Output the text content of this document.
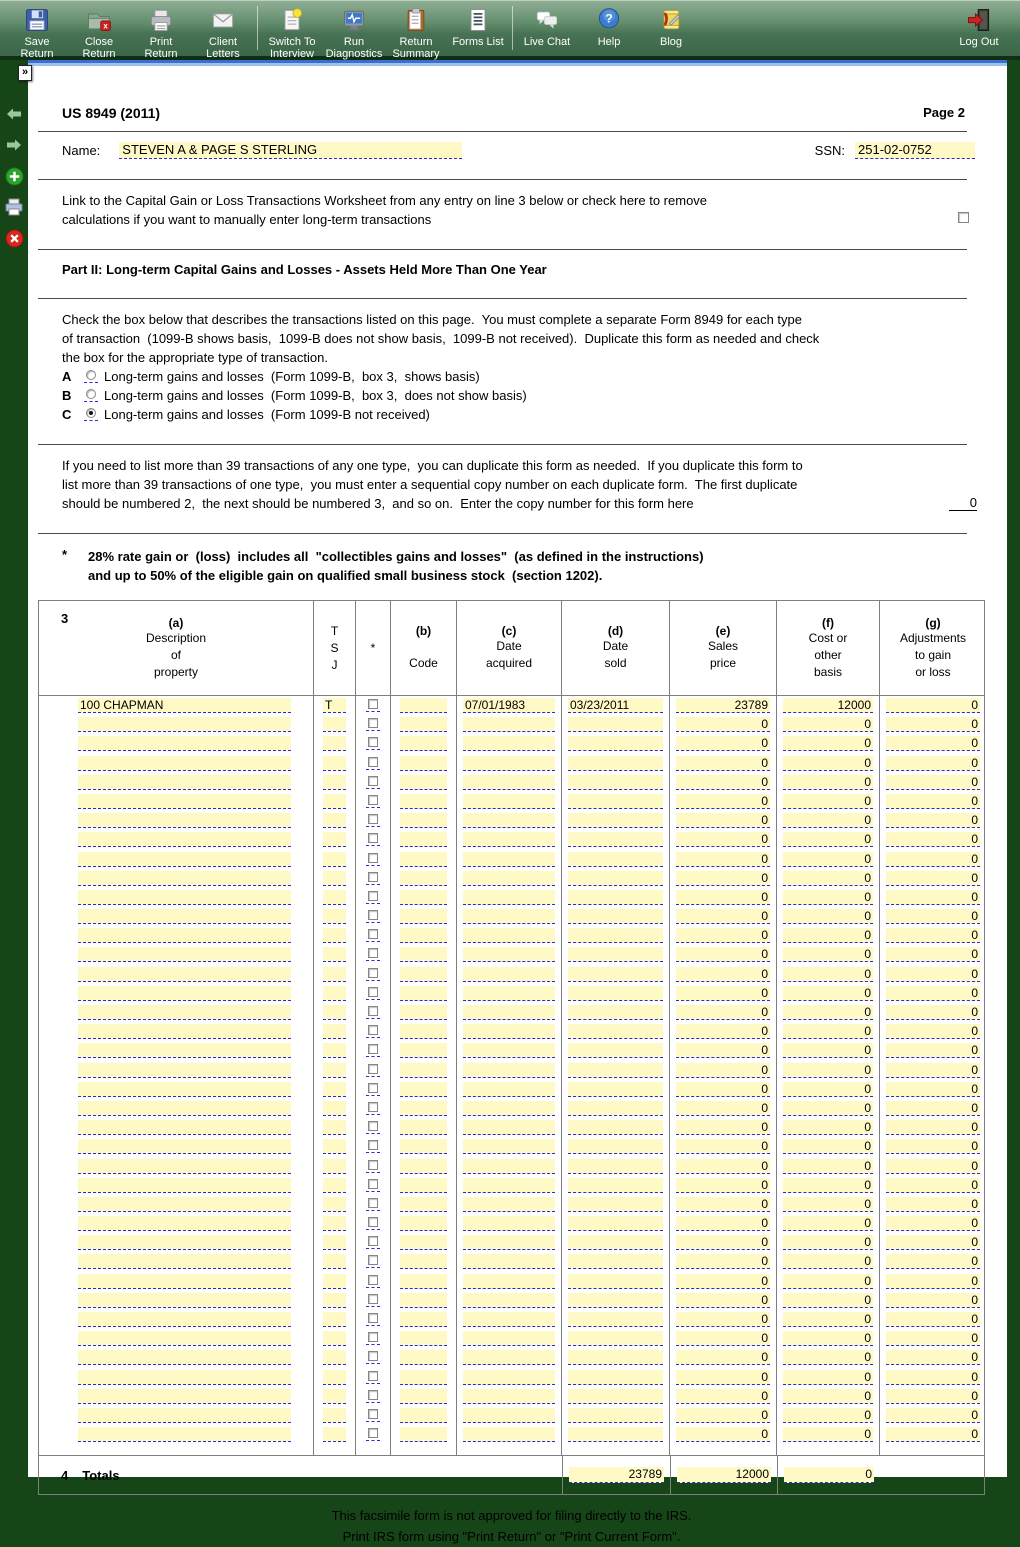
Save
Return
x
Close
Return
Print
Return
Client
Letters
Switch To
Interview
Run
Diagnostics
Return
Summary
Forms List Live Chat
?
Help	Blog	Log Out
»
US 8949 (2011)	Page 2
Name: STEVEN A & PAGE S STERLING	SSN: 251-02-0752
Link to the Capital Gain or Loss Transactions Worksheet from any entry on line 3 below or check here to remove
calculations if you want to manually enter long-term transactions
Part II: Long-term Capital Gains and Losses - Assets Held More Than One Year
Check the box below that describes the transactions listed on this page.  You must complete a separate Form 8949 for each type
of transaction  (1099-B shows basis,  1099-B does not show basis,  1099-B not received).  Duplicate this form as needed and check
the box for the appropriate type of transaction.
A	Long-term gains and losses  (Form 1099-B,  box 3,  shows basis)
B	Long-term gains and losses  (Form 1099-B,  box 3,  does not show basis)
C	Long-term gains and losses  (Form 1099-B not received)
If you need to list more than 39 transactions of any one type,  you can duplicate this form as needed.  If you duplicate this form to
list more than 39 transactions of one type,  you must enter a sequential copy number on each duplicate form.  The first duplicate
should be numbered 2,  the next should be numbered 3,  and so on.  Enter the copy number for this form here	0
*	28% rate gain or  (loss)  includes all  "collectibles gains and losses"  (as defined in the instructions)
and up to 50% of the eligible gain on qualified small business stock  (section 1202).
3	(a)
Description
of
property
T
S
J
*
(b)

Code
(c)
Date
acquired
(d)
Date
sold
(e)
Sales
price
(f)
Cost or
other
basis
(g)
Adjustments
to gain
or loss
100 CHAPMAN	T	07/01/1983	03/23/2011	23789	12000	0
0	0	0
0	0	0
0	0	0
0	0	0
0	0	0
0	0	0
0	0	0
0	0	0
0	0	0
0	0	0
0	0	0
0	0	0
0	0	0
0	0	0
0	0	0
0	0	0
0	0	0
0	0	0
0	0	0
0	0	0
0	0	0
0	0	0
0	0	0
0	0	0
0	0	0
0	0	0
0	0	0
0	0	0
0	0	0
0	0	0
0	0	0
0	0	0
0	0	0
0	0	0
0	0	0
0	0	0
0	0	0
0	0	0
4 Totals	23789	12000	0
This facsimile form is not approved for filing directly to the IRS.
Print IRS form using "Print Return" or "Print Current Form".
